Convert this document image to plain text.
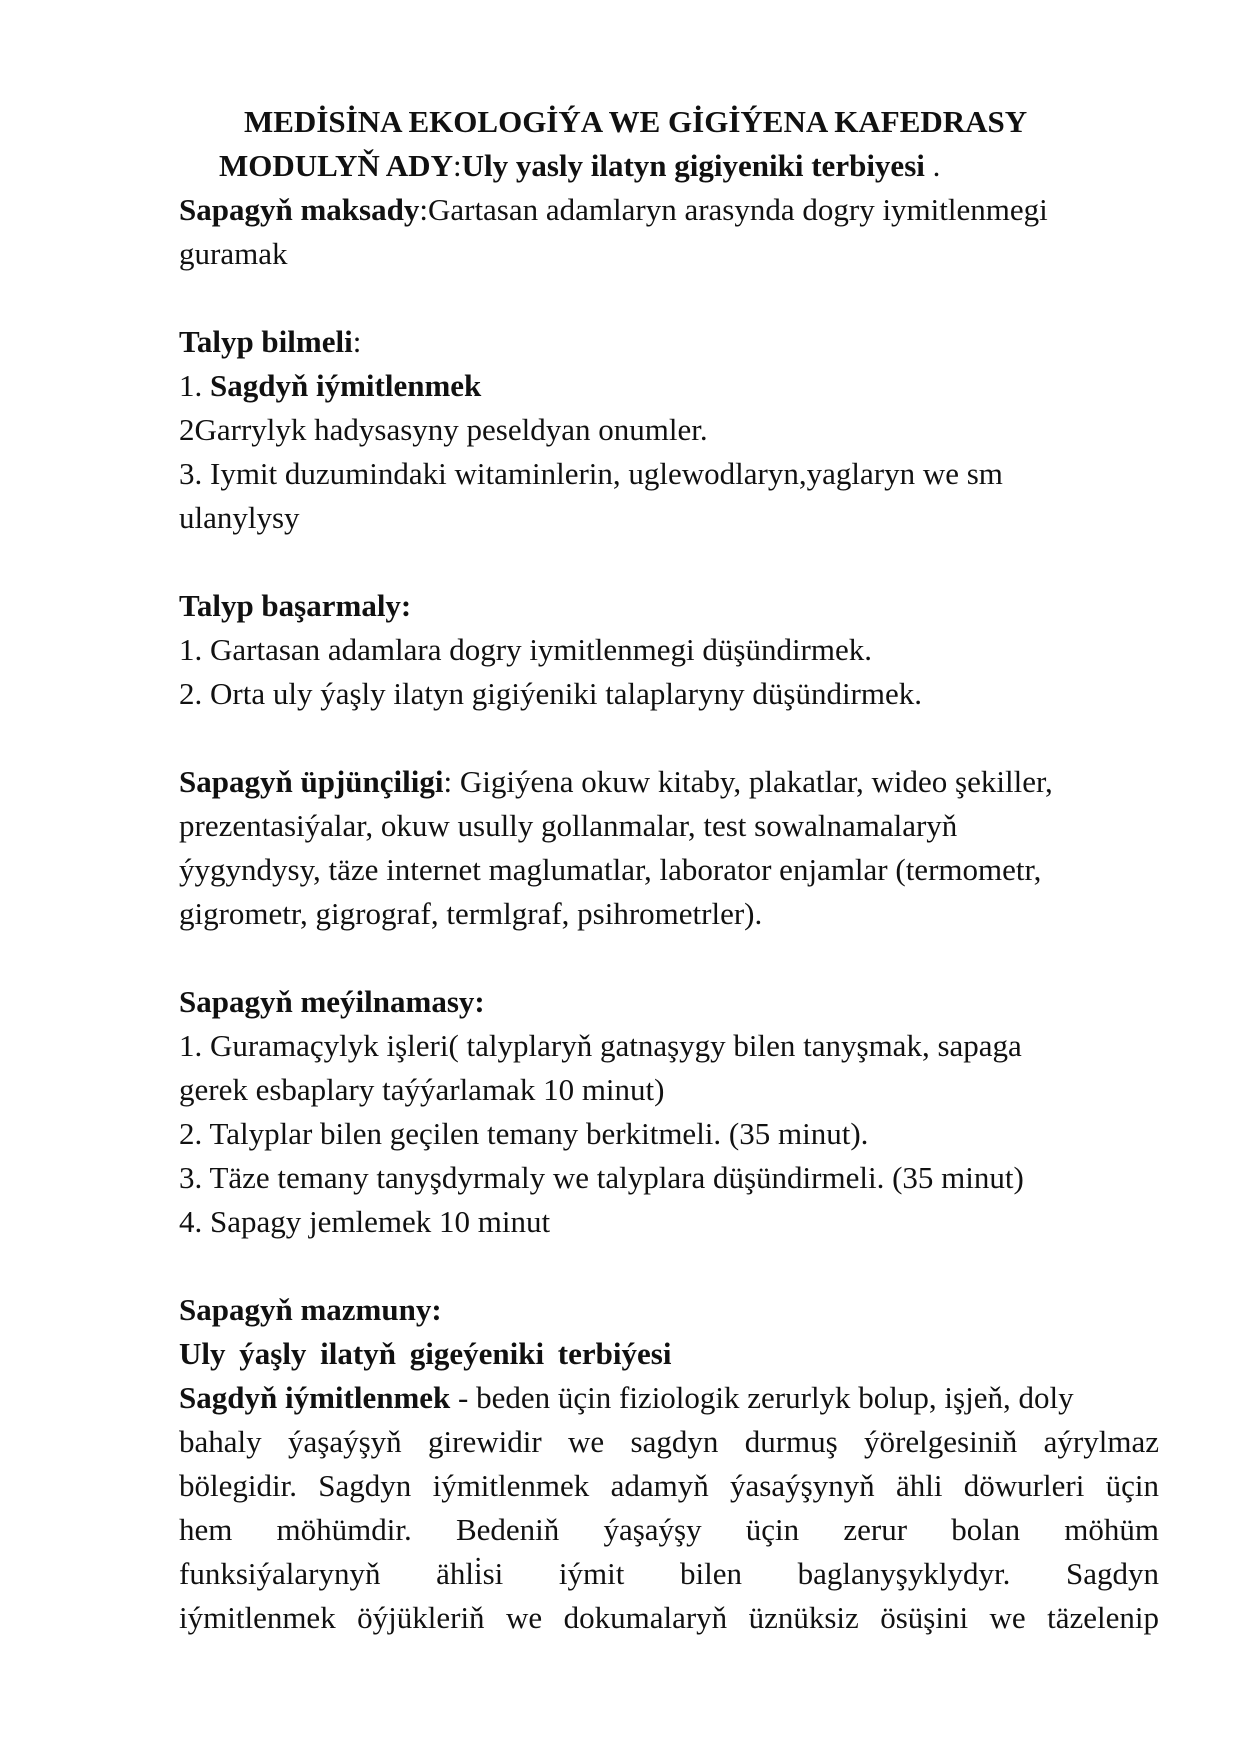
MEDİSİNA EKOLOGİÝA WE GİGİÝENA KAFEDRASY
MODULYŇ ADY:Uly yasly ilatyn gigiyeniki terbiyesi .
Sapagyň maksady:Gartasan adamlaryn arasynda dogry iymitlenmegi
guramak
Talyp bilmeli:
1. Sagdyň iýmitlenmek
2Garrylyk hadysasyny peseldyan onumler.
3. Iymit duzumindaki witaminlerin, uglewodlaryn,yaglaryn we sm
ulanylysy
Talyp başarmaly:
1. Gartasan adamlara dogry iymitlenmegi düşündirmek.
2. Orta uly ýaşly ilatyn gigiýeniki talaplaryny düşündirmek.
Sapagyň üpjünçiligi: Gigiýena okuw kitaby, plakatlar, wideo şekiller,
prezentasiýalar, okuw usully gollanmalar, test sowalnamalaryň
ýygyndysy, täze internet maglumatlar, laborator enjamlar (termometr,
gigrometr, gigrograf, termlgraf, psihrometrler).
Sapagyň meýilnamasy:
1. Guramaçylyk işleri( talyplaryň gatnaşygy bilen tanyşmak, sapaga
gerek esbaplary taýýarlamak 10 minut)
2. Talyplar bilen geçilen temany berkitmeli. (35 minut).
3. Täze temany tanyşdyrmaly we talyplara düşündirmeli. (35 minut)
4. Sapagy jemlemek 10 minut
Sapagyň mazmuny:
Uly ýaşly ilatyň gigeýeniki terbiýesi
Sagdyň iýmitlenmek - beden üçin fiziologik zerurlyk bolup, işjeň, doly
bahaly ýaşaýşyň girewidir we sagdyn durmuş ýörelgesiniň aýrylmaz
bölegidir. Sagdyn iýmitlenmek adamyň ýasaýşynyň ähli döwurleri üçin
hem möhümdir. Bedeniň ýaşaýşy üçin zerur bolan möhüm
funksiýalarynyň ähli̇si iýmit bilen baglanyşyklydyr. Sagdyn
iýmitlenmek öýjükleriň we dokumalaryň üznüksiz ösüşini we täzelenip
